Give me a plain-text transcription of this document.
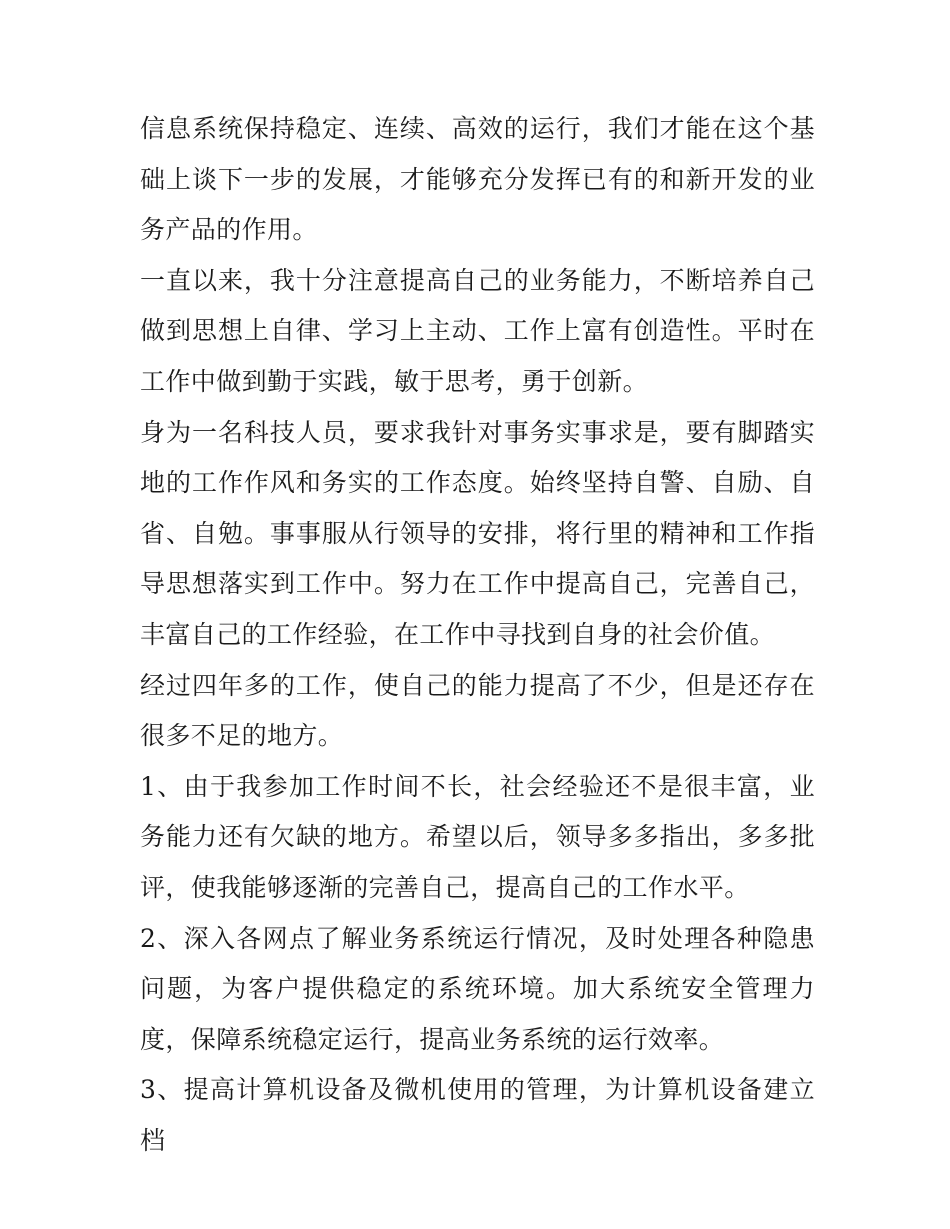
信息系统保持稳定、连续、高效的运行，我们才能在这个基础上谈下一步的发展，才能够充分发挥已有的和新开发的业务产品的作用。

一直以来，我十分注意提高自己的业务能力，不断培养自己做到思想上自律、学习上主动、工作上富有创造性。平时在工作中做到勤于实践，敏于思考，勇于创新。

身为一名科技人员，要求我针对事务实事求是，要有脚踏实地的工作作风和务实的工作态度。始终坚持自警、自励、自省、自勉。事事服从行领导的安排，将行里的精神和工作指导思想落实到工作中。努力在工作中提高自己，完善自己，丰富自己的工作经验，在工作中寻找到自身的社会价值。

经过四年多的工作，使自己的能力提高了不少，但是还存在很多不足的地方。

1、由于我参加工作时间不长，社会经验还不是很丰富，业务能力还有欠缺的地方。希望以后，领导多多指出，多多批评，使我能够逐渐的完善自己，提高自己的工作水平。

2、深入各网点了解业务系统运行情况，及时处理各种隐患问题，为客户提供稳定的系统环境。加大系统安全管理力度，保障系统稳定运行，提高业务系统的运行效率。

3、提高计算机设备及微机使用的管理，为计算机设备建立档
